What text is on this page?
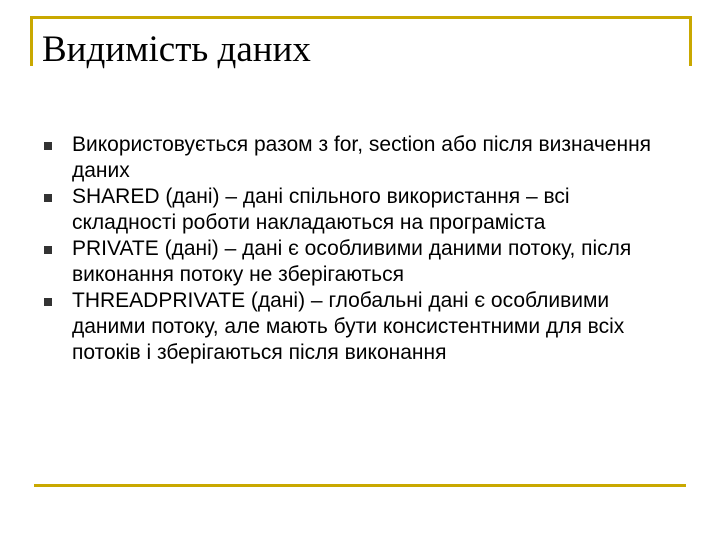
Видимість даних
Використовується разом з for, section або після визначення даних
SHARED (дані) – дані спільного використання – всі складності роботи накладаються на програміста
PRIVATE (дані) – дані є особливими даними потоку, після виконання потоку не зберігаються
THREADPRIVATE (дані) – глобальні дані є особливими даними потоку, але мають бути консистентними для всіх потоків і зберігаються після виконання
